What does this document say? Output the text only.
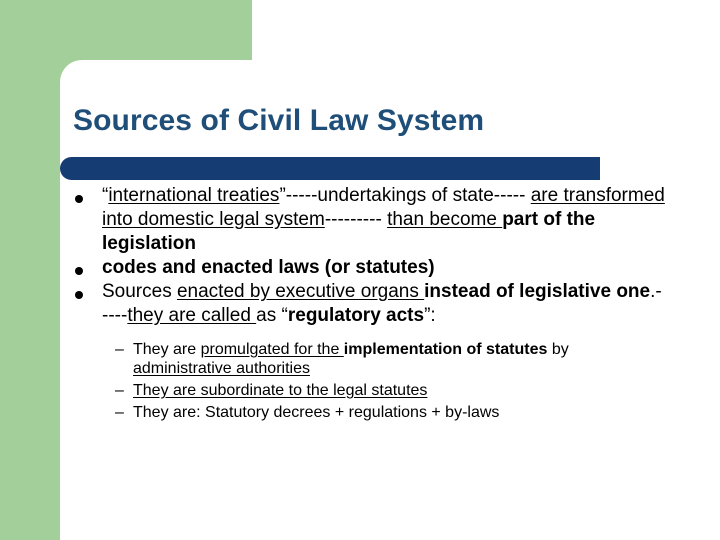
Sources of Civil Law System
“international treaties”-----undertakings of state----- are transformed into domestic legal system--------- than become part of the legislation
codes and enacted laws (or statutes)
Sources enacted by executive organs instead of legislative one.-----they are called as “regulatory acts”:
– They are promulgated for the implementation of statutes by administrative authorities
– They are subordinate to the legal statutes
– They are: Statutory decrees + regulations + by-laws
